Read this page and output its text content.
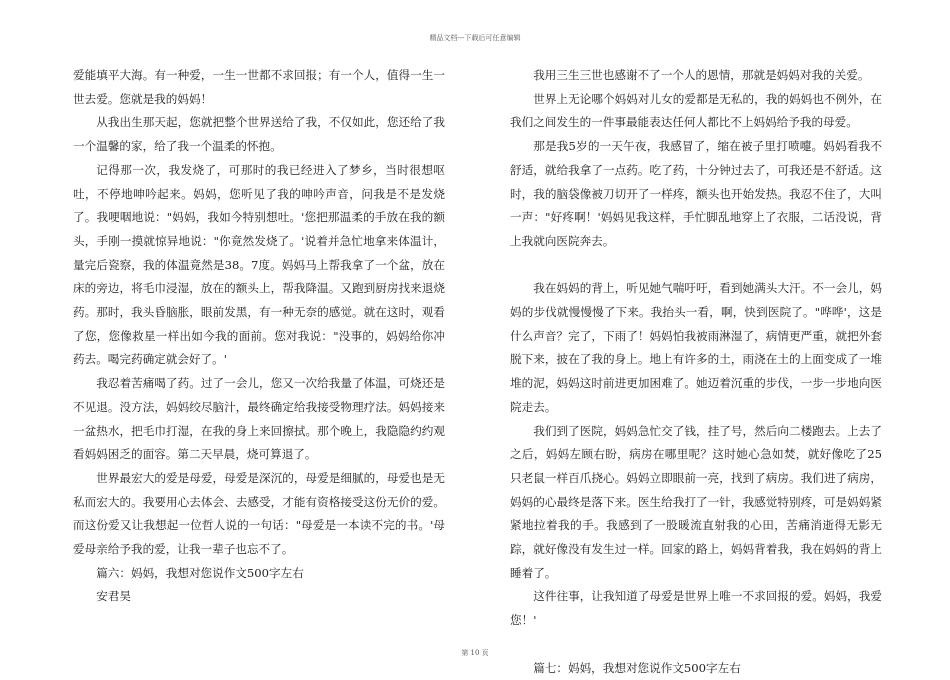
精品文档---下载后可任意编辑

爱能填平大海。有一种爱，一生一世都不求回报；有一个人，值得一生一世去爱。您就是我的妈妈！

从我出生那天起，您就把整个世界送给了我，不仅如此，您还给了我一个温馨的家，给了我一个温柔的怀抱。

记得那一次，我发烧了，可那时的我已经进入了梦乡，当时很想呕吐，不停地呻吟起来。妈妈，您听见了我的呻吟声音，问我是不是发烧了。我哽咽地说："妈妈，我如今特别想吐。'您把那温柔的手放在我的额头，手刚一摸就惊异地说："你竟然发烧了。'说着并急忙地拿来体温计，量完后瓷察，我的体温竟然是38。7度。妈妈马上帮我拿了一个盆，放在床的旁边，将毛巾浸湿，放在的额头上，帮我降温。又跑到厨房找来退烧药。那时，我头昏脑胀，眼前发黑，有一种无奈的感觉。就在这时，观看了您，您像救星一样出如今我的面前。您对我说："没事的，妈妈给你冲药去。喝完药确定就会好了。'

我忍着苦痛喝了药。过了一会儿，您又一次给我量了体温，可烧还是不见退。没方法，妈妈绞尽脑汁，最终确定给我接受物理疗法。妈妈接来一盆热水，把毛巾打湿，在我的身上来回擦拭。那个晚上，我隐隐约约观看妈妈困乏的面容。第二天早晨，烧可算退了。

世界最宏大的爱是母爱，母爱是深沉的，母爱是细腻的，母爱也是无私而宏大的。我要用心去体会、去感受，才能有资格接受这份无价的爱。而这份爱又让我想起一位哲人说的一句话："母爱是一本读不完的书。'母爱母亲给予我的爱，让我一辈子也忘不了。

篇六：妈妈，我想对您说作文500字左右

安君昊

我用三生三世也感谢不了一个人的恩情，那就是妈妈对我的关爱。

世界上无论哪个妈妈对儿女的爱都是无私的，我的妈妈也不例外，在我们之间发生的一件事最能表达任何人都比不上妈妈给予我的母爱。

那是我5岁的一天午夜，我感冒了，缩在被子里打喷嚏。妈妈看我不舒适，就给我拿了一点药。吃了药，十分钟过去了，可我还是不舒适。这时，我的脑袋像被刀切开了一样疼，额头也开始发热。我忍不住了，大叫一声："好疼啊！'妈妈见我这样，手忙脚乱地穿上了衣服，二话没说，背上我就向医院奔去。

我在妈妈的背上，听见她气喘吁吁，看到她满头大汗。不一会儿，妈妈的步伐就慢慢慢了下来。我抬头一看，啊，快到医院了。"哗哗'，这是什么声音？完了，下雨了！妈妈怕我被雨淋湿了，病情更严重，就把外套脱下来，披在了我的身上。地上有许多的土，雨浇在土的上面变成了一堆堆的泥，妈妈这时前进更加困难了。她迈着沉重的步伐，一步一步地向医院走去。

我们到了医院，妈妈急忙交了钱，挂了号，然后向二楼跑去。上去了之后，妈妈左顾右盼，病房在哪里呢？这时她心急如焚，就好像吃了25只老鼠一样百爪挠心。妈妈立即眼前一亮，找到了病房。我们进了病房，妈妈的心最终是落下来。医生给我打了一针，我感觉特别疼，可是妈妈紧紧地拉着我的手。我感到了一股暖流直射我的心田，苦痛消逝得无影无踪，就好像没有发生过一样。回家的路上，妈妈背着我，我在妈妈的背上睡着了。

这件往事，让我知道了母爱是世界上唯一不求回报的爱。妈妈，我爱您！'

篇七：妈妈，我想对您说作文500字左右

第 10 页
